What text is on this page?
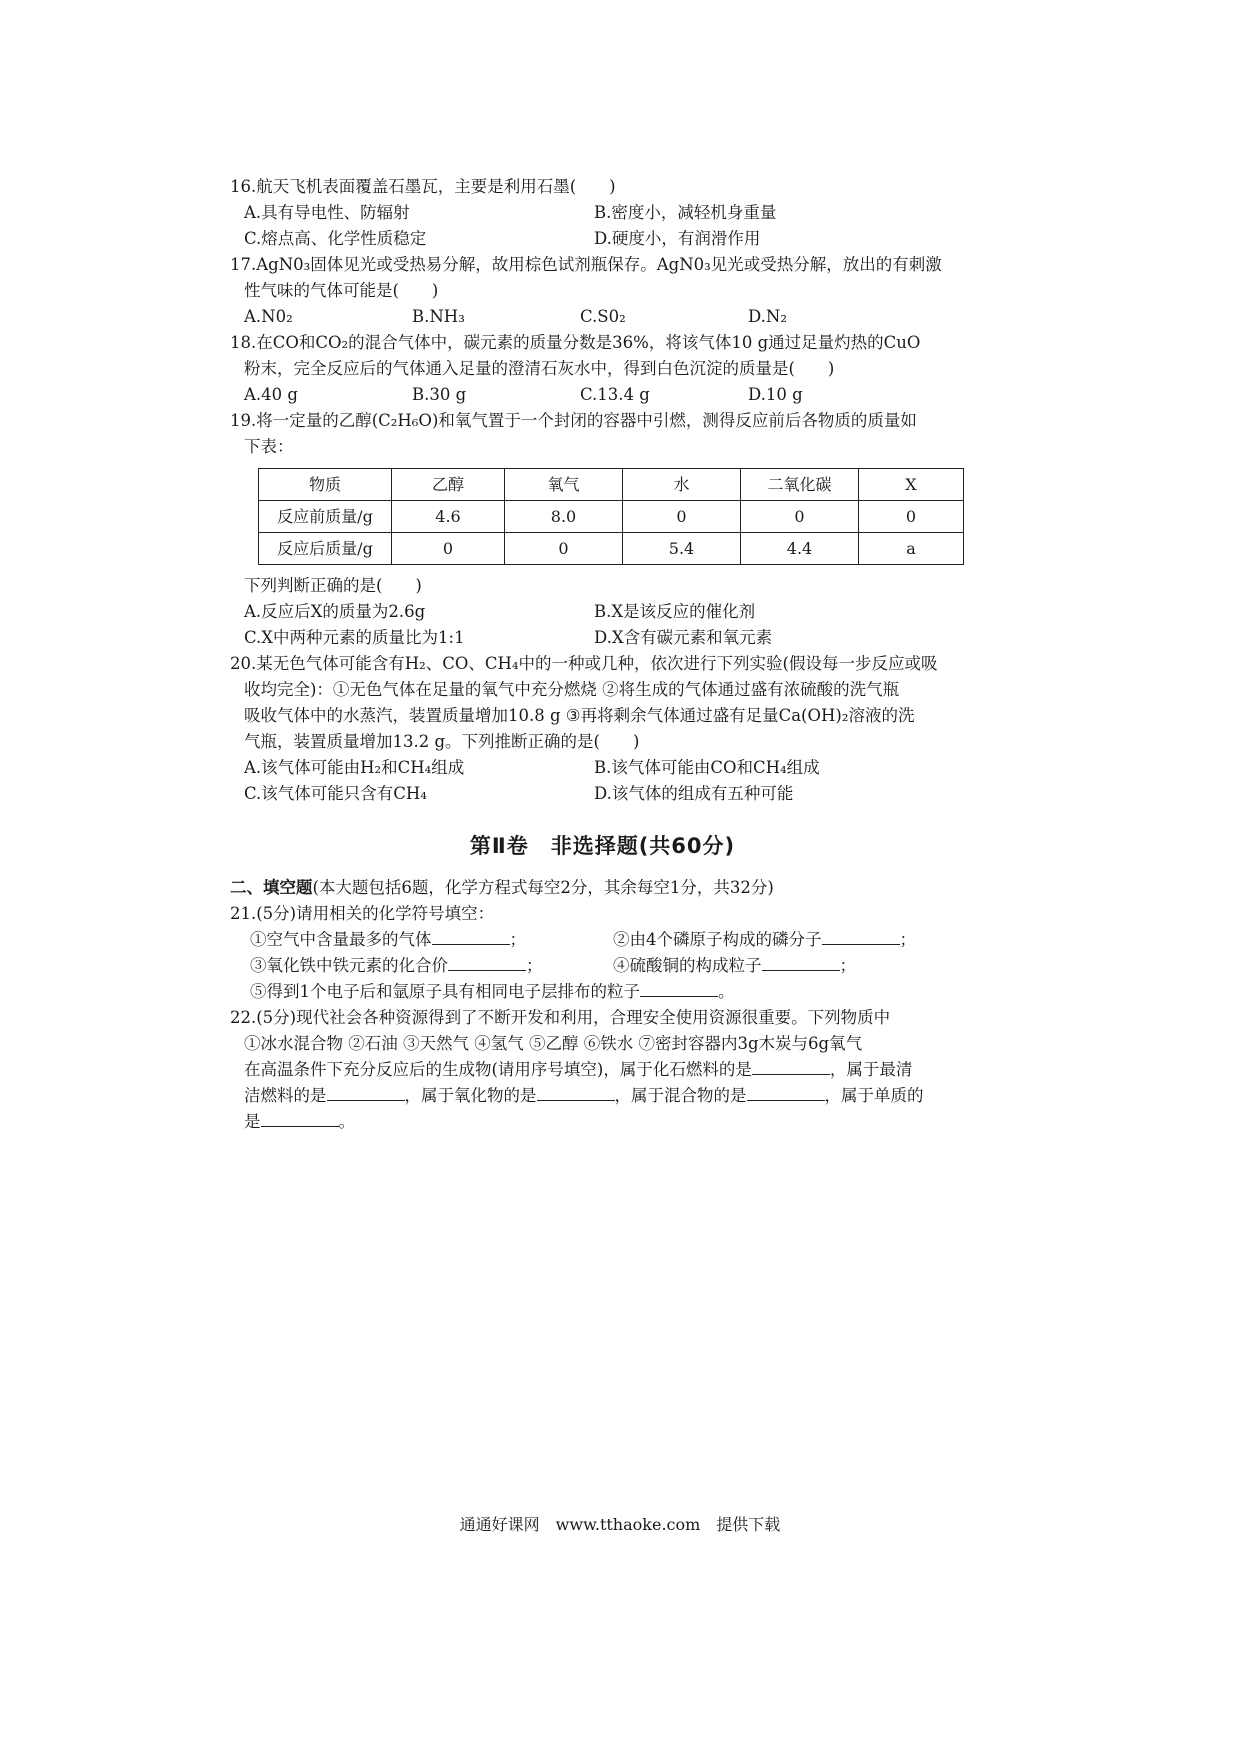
16.航天飞机表面覆盖石墨瓦，主要是利用石墨(　　)
A.具有导电性、防辐射	B.密度小，减轻机身重量
C.熔点高、化学性质稳定	D.硬度小，有润滑作用
17.AgN0₃固体见光或受热易分解，故用棕色试剂瓶保存。AgN0₃见光或受热分解，放出的有刺激
性气味的气体可能是(　　)
A.N0₂	B.NH₃	C.S0₂	D.N₂
18.在CO和CO₂的混合气体中，碳元素的质量分数是36%，将该气体10 g通过足量灼热的CuO
粉末，完全反应后的气体通入足量的澄清石灰水中，得到白色沉淀的质量是(　　)
A.40 g	B.30 g	C.13.4 g	D.10 g
19.将一定量的乙醇(C₂H₆O)和氧气置于一个封闭的容器中引燃，测得反应前后各物质的质量如
下表：
物质	乙醇	氧气	水	二氧化碳	X
反应前质量/g	4.6	8.0	0	0	0
反应后质量/g	0	0	5.4	4.4	a
下列判断正确的是(　　)
A.反应后X的质量为2.6g	B.X是该反应的催化剂
C.X中两种元素的质量比为1:1	D.X含有碳元素和氧元素
20.某无色气体可能含有H₂、CO、CH₄中的一种或几种，依次进行下列实验(假设每一步反应或吸
收均完全)：①无色气体在足量的氧气中充分燃烧 ②将生成的气体通过盛有浓硫酸的洗气瓶
吸收气体中的水蒸汽，装置质量增加10.8 g ③再将剩余气体通过盛有足量Ca(OH)₂溶液的洗
气瓶，装置质量增加13.2 g。下列推断正确的是(　　)
A.该气体可能由H₂和CH₄组成	B.该气体可能由CO和CH₄组成
C.该气体可能只含有CH₄	D.该气体的组成有五种可能
第Ⅱ卷　非选择题(共60分)
二、填空题(本大题包括6题，化学方程式每空2分，其余每空1分，共32分)
21.(5分)请用相关的化学符号填空：
①空气中含量最多的气体	；	②由4个磷原子构成的磷分子	；
③氧化铁中铁元素的化合价	；	④硫酸铜的构成粒子	；
⑤得到1个电子后和氩原子具有相同电子层排布的粒子	。
22.(5分)现代社会各种资源得到了不断开发和利用，合理安全使用资源很重要。下列物质中
①冰水混合物 ②石油 ③天然气 ④氢气 ⑤乙醇 ⑥铁水 ⑦密封容器内3g木炭与6g氧气
在高温条件下充分反应后的生成物(请用序号填空)，属于化石燃料的是	，属于最清
洁燃料的是	，属于氧化物的是	，属于混合物的是	，属于单质的
是	。
通通好课网　www.tthaoke.com　提供下载
